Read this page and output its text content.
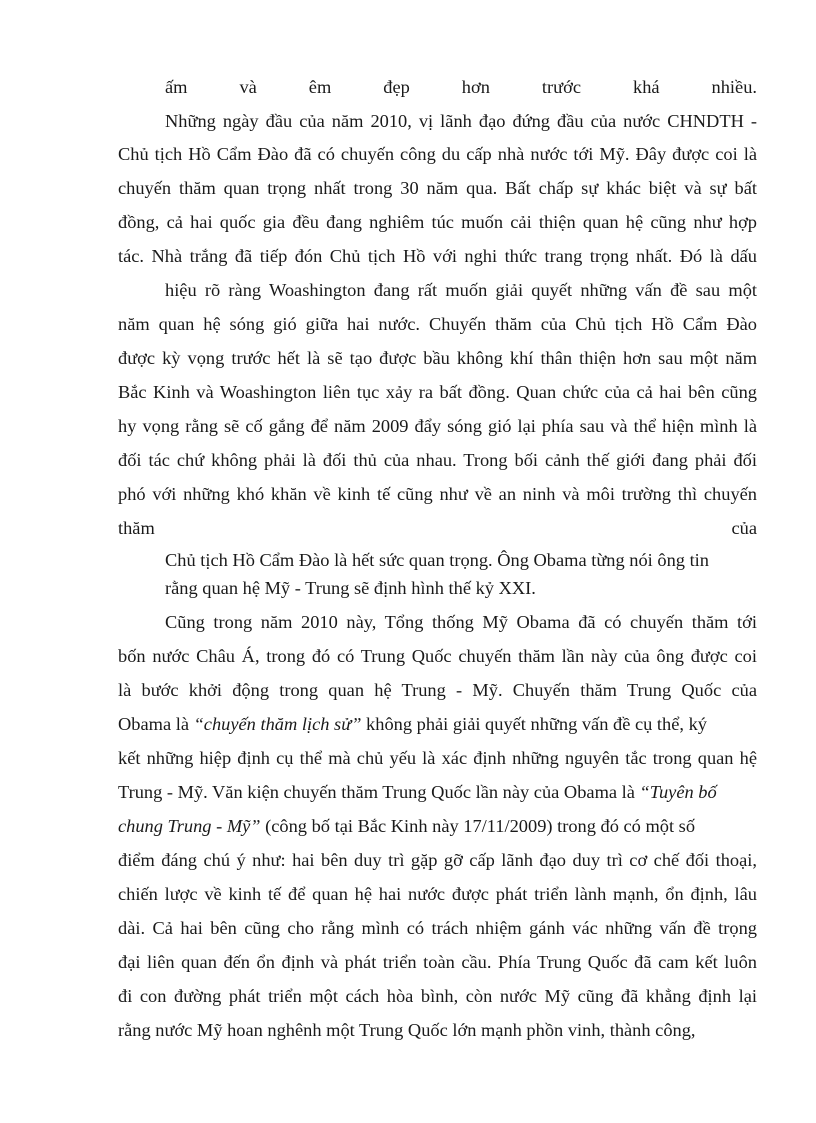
ấm và êm đẹp hơn trước khá nhiều.
Những ngày đầu của năm 2010, vị lãnh đạo đứng đầu của nước CHNDTH -
Chủ tịch Hồ Cẩm Đào đã có chuyến công du cấp nhà nước tới Mỹ. Đây được coi là
chuyến thăm quan trọng nhất trong 30 năm qua. Bất chấp sự khác biệt và sự bất
đồng, cả hai quốc gia đều đang nghiêm túc muốn cải thiện quan hệ cũng như hợp
tác. Nhà trắng đã tiếp đón Chủ tịch Hồ với nghi thức trang trọng nhất. Đó là dấu
hiệu rõ ràng Woashington đang rất muốn giải quyết những vấn đề sau một
năm quan hệ sóng gió giữa hai nước. Chuyến thăm của Chủ tịch Hồ Cẩm Đào
được kỳ vọng trước hết là sẽ tạo được bầu không khí thân thiện hơn sau một năm
Bắc Kinh và Woashington liên tục xảy ra bất đồng. Quan chức của cả hai bên cũng
hy vọng rằng sẽ cố gắng để năm 2009 đẩy sóng gió lại phía sau và thể hiện mình là
đối tác chứ không phải là đối thủ của nhau. Trong bối cảnh thế giới đang phải đối
phó với những khó khăn về kinh tế cũng như về an ninh và môi trường thì chuyến
thăm của
Chủ tịch Hồ Cẩm Đào là hết sức quan trọng. Ông Obama từng nói ông tin
rằng quan hệ Mỹ - Trung sẽ định hình thế kỷ XXI.
Cũng trong năm 2010 này, Tổng thống Mỹ Obama đã có chuyến thăm tới
bốn nước Châu Á, trong đó có Trung Quốc chuyến thăm lần này của ông được coi
là bước khởi động trong quan hệ Trung - Mỹ. Chuyến thăm Trung Quốc của
Obama là “chuyến thăm lịch sử” không phải giải quyết những vấn đề cụ thể, ký
kết những hiệp định cụ thể mà chủ yếu là xác định những nguyên tắc trong quan hệ
Trung - Mỹ. Văn kiện chuyến thăm Trung Quốc lần này của Obama là “Tuyên bố
chung Trung - Mỹ” (công bố tại Bắc Kinh này 17/11/2009) trong đó có một số
điểm đáng chú ý như: hai bên duy trì gặp gỡ cấp lãnh đạo duy trì cơ chế đối thoại,
chiến lược về kinh tế để quan hệ hai nước được phát triển lành mạnh, ổn định, lâu
dài. Cả hai bên cũng cho rằng mình có trách nhiệm gánh vác những vấn đề trọng
đại liên quan đến ổn định và phát triển toàn cầu. Phía Trung Quốc đã cam kết luôn
đi con đường phát triển một cách hòa bình, còn nước Mỹ cũng đã khẳng định lại
rằng nước Mỹ hoan nghênh một Trung Quốc lớn mạnh phồn vinh, thành công,
